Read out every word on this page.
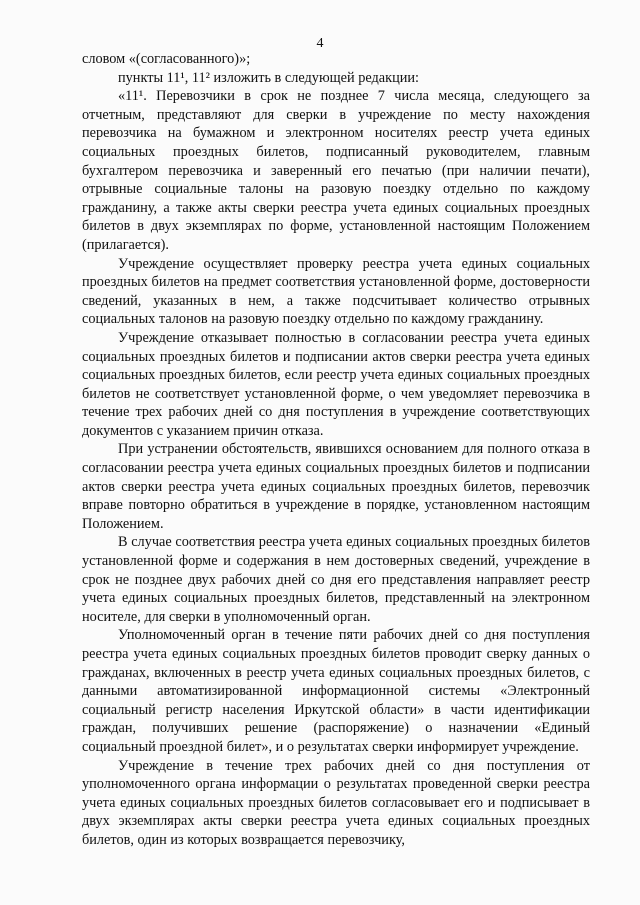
4

словом «(согласованного)»;

пункты 11¹, 11² изложить в следующей редакции:

«11¹. Перевозчики в срок не позднее 7 числа месяца, следующего за отчетным, представляют для сверки в учреждение по месту нахождения перевозчика на бумажном и электронном носителях реестр учета единых социальных проездных билетов, подписанный руководителем, главным бухгалтером перевозчика и заверенный его печатью (при наличии печати), отрывные социальные талоны на разовую поездку отдельно по каждому гражданину, а также акты сверки реестра учета единых социальных проездных билетов в двух экземплярах по форме, установленной настоящим Положением (прилагается).

Учреждение осуществляет проверку реестра учета единых социальных проездных билетов на предмет соответствия установленной форме, достоверности сведений, указанных в нем, а также подсчитывает количество отрывных социальных талонов на разовую поездку отдельно по каждому гражданину.

Учреждение отказывает полностью в согласовании реестра учета единых социальных проездных билетов и подписании актов сверки реестра учета единых социальных проездных билетов, если реестр учета единых социальных проездных билетов не соответствует установленной форме, о чем уведомляет перевозчика в течение трех рабочих дней со дня поступления в учреждение соответствующих документов с указанием причин отказа.

При устранении обстоятельств, явившихся основанием для полного отказа в согласовании реестра учета единых социальных проездных билетов и подписании актов сверки реестра учета единых социальных проездных билетов, перевозчик вправе повторно обратиться в учреждение в порядке, установленном настоящим Положением.

В случае соответствия реестра учета единых социальных проездных билетов установленной форме и содержания в нем достоверных сведений, учреждение в срок не позднее двух рабочих дней со дня его представления направляет реестр учета единых социальных проездных билетов, представленный на электронном носителе, для сверки в уполномоченный орган.

Уполномоченный орган в течение пяти рабочих дней со дня поступления реестра учета единых социальных проездных билетов проводит сверку данных о гражданах, включенных в реестр учета единых социальных проездных билетов, с данными автоматизированной информационной системы «Электронный социальный регистр населения Иркутской области» в части идентификации граждан, получивших решение (распоряжение) о назначении «Единый социальный проездной билет», и о результатах сверки информирует учреждение.

Учреждение в течение трех рабочих дней со дня поступления от уполномоченного органа информации о результатах проведенной сверки реестра учета единых социальных проездных билетов согласовывает его и подписывает в двух экземплярах акты сверки реестра учета единых социальных проездных билетов, один из которых возвращается перевозчику,
